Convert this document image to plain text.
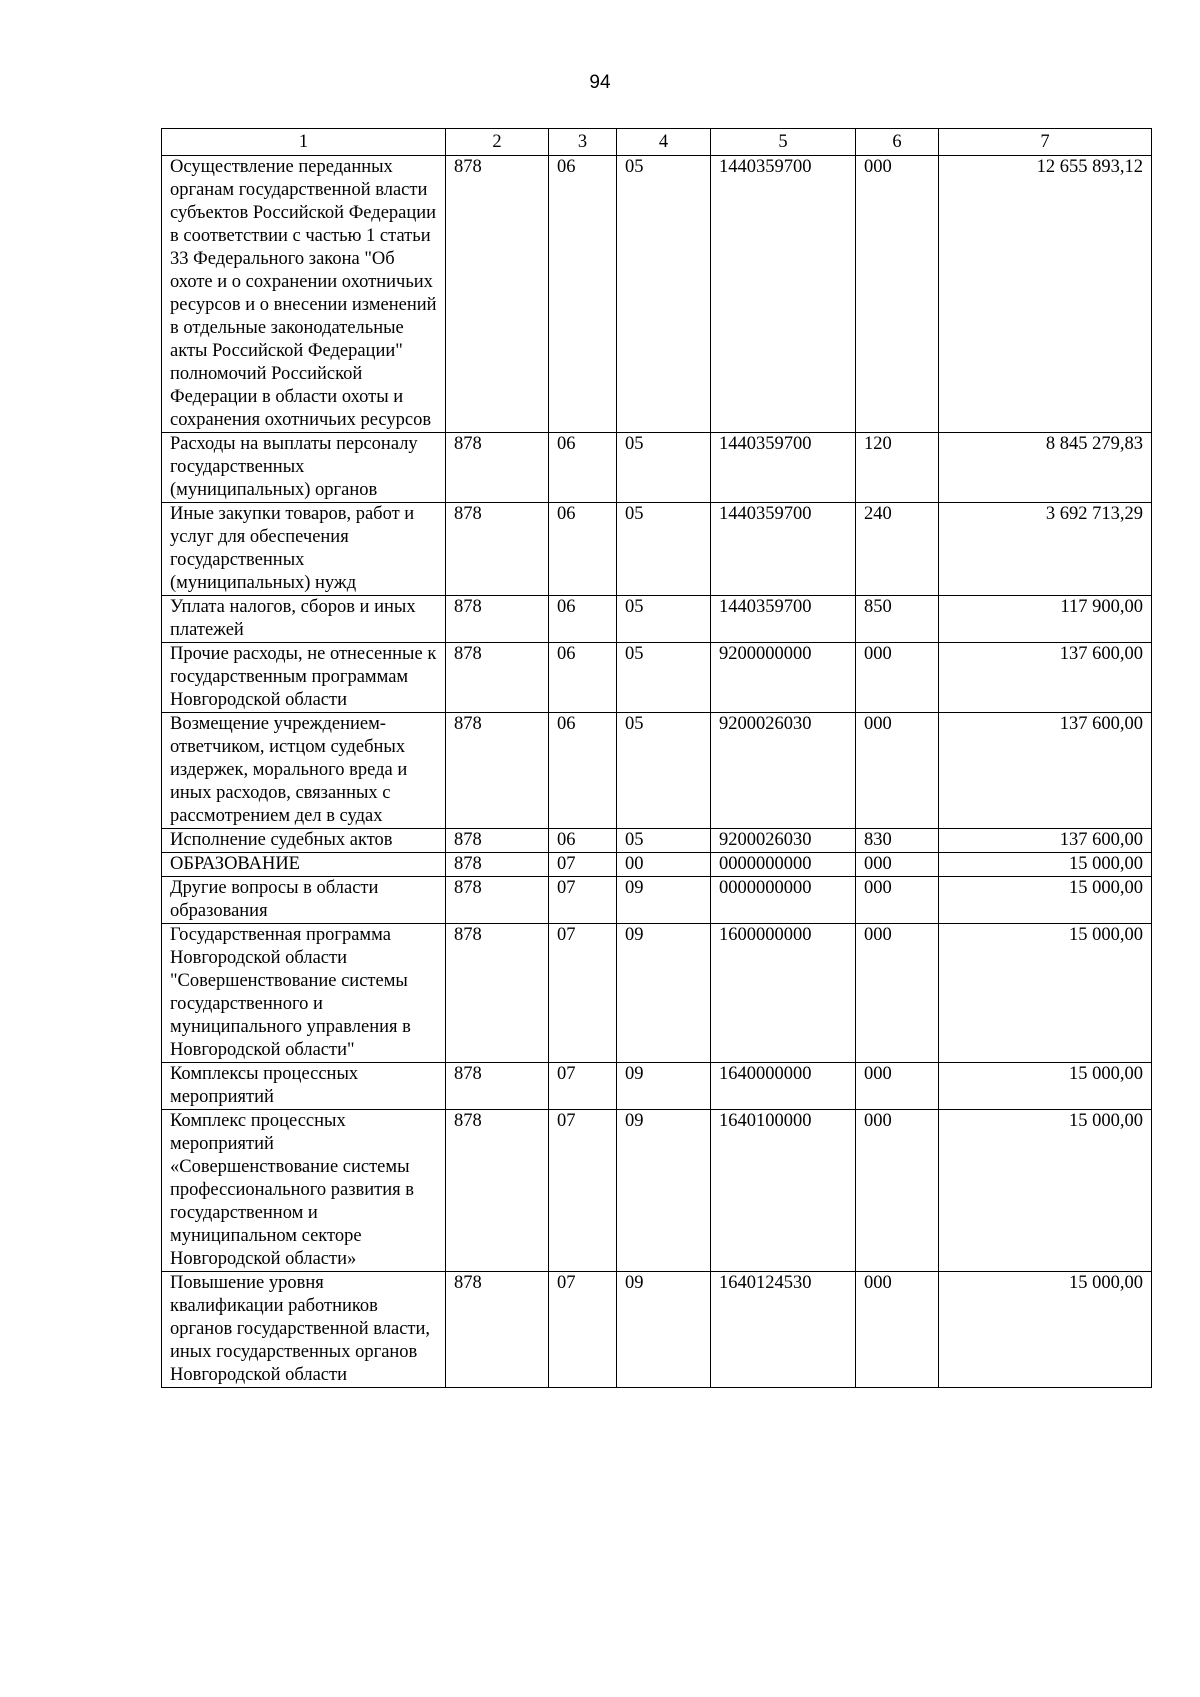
94
1	2	3	4	5	6	7
Осуществление переданных органам государственной власти субъектов Российской Федерации в соответствии с частью 1 статьи 33 Федерального закона "Об охоте и о сохранении охотничьих ресурсов и о внесении изменений в отдельные законодательные акты Российской Федерации" полномочий Российской Федерации в области охоты и сохранения охотничьих ресурсов	878	06	05	1440359700	000	12 655 893,12
Расходы на выплаты персоналу государственных (муниципальных) органов	878	06	05	1440359700	120	8 845 279,83
Иные закупки товаров, работ и услуг для обеспечения государственных (муниципальных) нужд	878	06	05	1440359700	240	3 692 713,29
Уплата налогов, сборов и иных платежей	878	06	05	1440359700	850	117 900,00
Прочие расходы, не отнесенные к государственным программам Новгородской области	878	06	05	9200000000	000	137 600,00
Возмещение учреждением-ответчиком, истцом судебных издержек, морального вреда и иных расходов, связанных с рассмотрением дел в судах	878	06	05	9200026030	000	137 600,00
Исполнение судебных актов	878	06	05	9200026030	830	137 600,00
ОБРАЗОВАНИЕ	878	07	00	0000000000	000	15 000,00
Другие вопросы в области образования	878	07	09	0000000000	000	15 000,00
Государственная программа Новгородской области "Совершенствование системы государственного и муниципального управления в Новгородской области"	878	07	09	1600000000	000	15 000,00
Комплексы процессных мероприятий	878	07	09	1640000000	000	15 000,00
Комплекс процессных мероприятий «Совершенствование системы профессионального развития в государственном и муниципальном секторе Новгородской области»	878	07	09	1640100000	000	15 000,00
Повышение уровня квалификации работников органов государственной власти, иных государственных органов Новгородской области	878	07	09	1640124530	000	15 000,00
